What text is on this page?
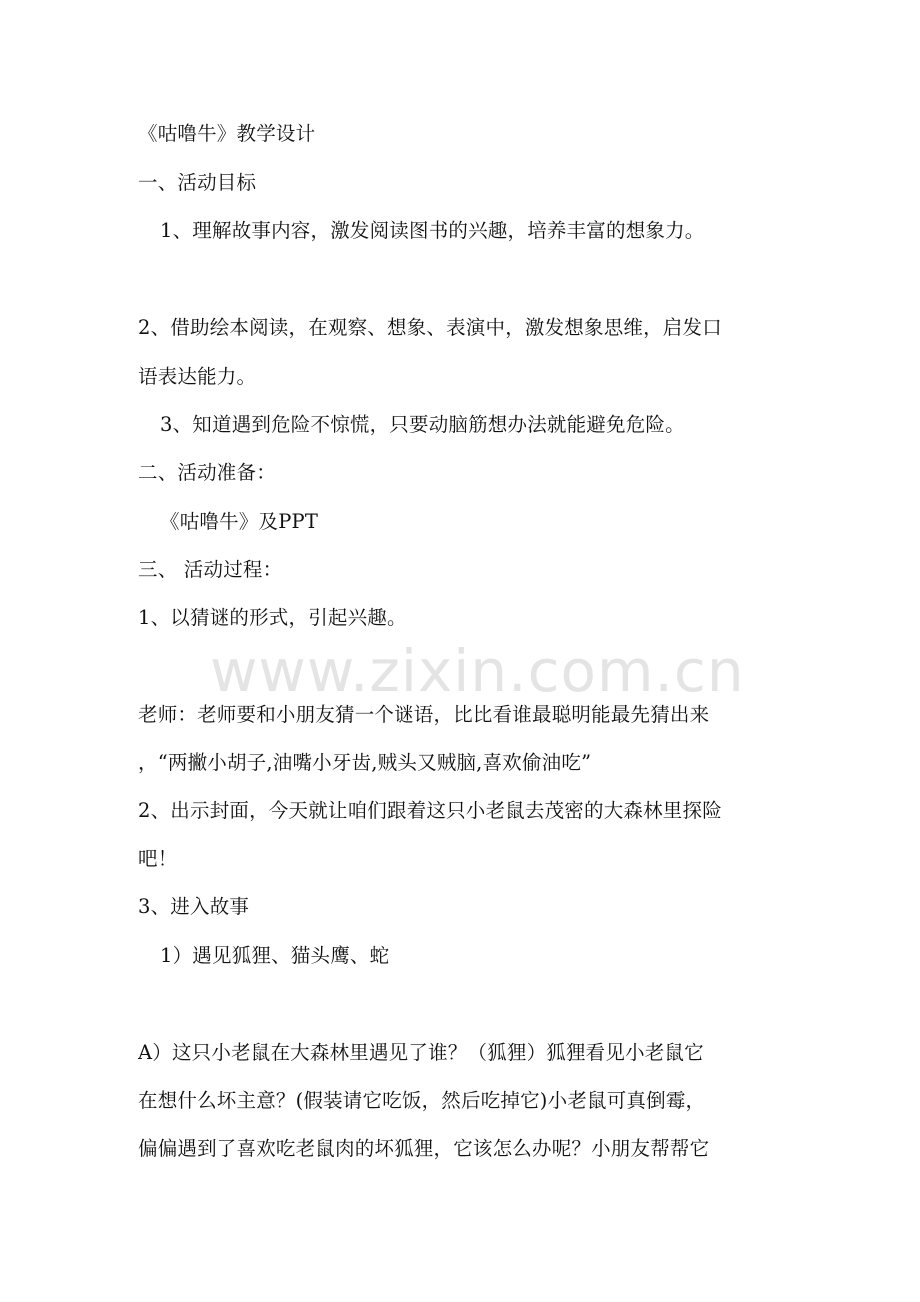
《咕噜牛》教学设计
一、活动目标
1、理解故事内容，激发阅读图书的兴趣，培养丰富的想象力。
2、借助绘本阅读，在观察、想象、表演中，激发想象思维，启发口
语表达能力。
3、知道遇到危险不惊慌，只要动脑筋想办法就能避免危险。
二、活动准备：
《咕噜牛》及PPT
三、 活动过程：
1、以猜谜的形式，引起兴趣。
www.zixin.com.cn
老师：老师要和小朋友猜一个谜语，比比看谁最聪明能最先猜出来
，“两撇小胡子,油嘴小牙齿,贼头又贼脑,喜欢偷油吃”
2、出示封面，今天就让咱们跟着这只小老鼠去茂密的大森林里探险
吧！
3、进入故事
1）遇见狐狸、猫头鹰、蛇
A）这只小老鼠在大森林里遇见了谁？（狐狸）狐狸看见小老鼠它
在想什么坏主意？(假装请它吃饭，然后吃掉它)小老鼠可真倒霉，
偏偏遇到了喜欢吃老鼠肉的坏狐狸，它该怎么办呢？小朋友帮帮它
